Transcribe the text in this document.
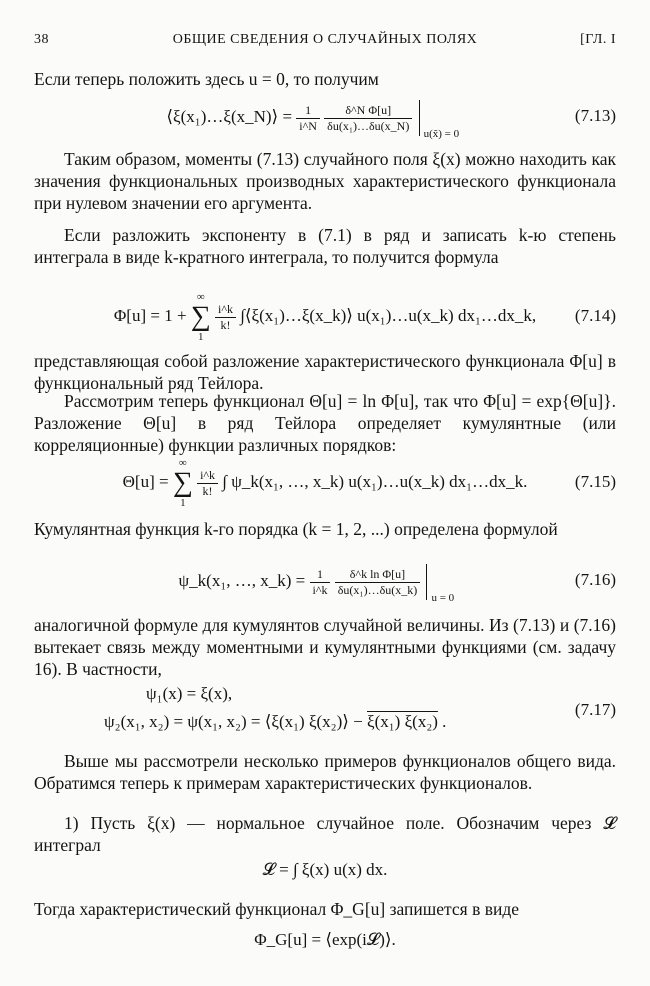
38	ОБЩИЕ СВЕДЕНИЯ О СЛУЧАЙНЫХ ПОЛЯХ	[ГЛ. I
Если теперь положить здесь u = 0, то получим
⟨ξ(x₁)…ξ(x_N)⟩ = $\frac{1}{i\^{}N}$
$\frac{\text{δ\textasciicircum{}N Φ[u]}}{\text{δu(x₁)…δu(x\_N)}}$

u(x̃) = 0
(7.13)
Таким образом, моменты (7.13) случайного поля ξ(x) можно находить как значения функциональных производных характеристического функционала при нулевом значении его аргумента.
Если разложить экспоненту в (7.1) в ряд и записать k-ю степень интеграла в виде k-кратного интеграла, то получится формула
Φ[u] = 1 +
∞
∑
1

$\frac{i\^{}k}{k!}$ ∫⟨ξ(x₁)…ξ(x_k)⟩ u(x₁)…u(x_k) dx₁…dx_k,	(7.14)
представляющая собой разложение характеристического функционала Φ[u] в функциональный ряд Тейлора.
Рассмотрим теперь функционал Θ[u] = ln Φ[u], так что Φ[u] = exp{Θ[u]}. Разложение Θ[u] в ряд Тейлора определяет кумулянтные (или корреляционные) функции различных порядков:
Θ[u] =
∞
∑
1

$\frac{i\^{}k}{k!}$ ∫ ψ_k(x₁, …, x_k) u(x₁)…u(x_k) dx₁…dx_k.	(7.15)
Кумулянтная функция k-го порядка (k = 1, 2, ...) определена формулой
ψ_k(x₁, …, x_k) = $\frac{1}{i\^{}k}$
$\frac{\text{δ\textasciicircum{}k ln Φ[u]}}{\text{δu(x₁)…δu(x\_k)}}$

u = 0
(7.16)
аналогичной формуле для кумулянтов случайной величины. Из (7.13) и (7.16) вытекает связь между моментными и кумулянтными функциями (см. задачу 16). В частности,
ψ₁(x) = ξ(x),
ψ₂(x₁, x₂) = ψ(x₁, x₂) = ⟨ξ(x₁) ξ(x₂)⟩ − ξ(x₁) ξ(x₂) .
(7.17)
Выше мы рассмотрели несколько примеров функционалов общего вида. Обратимся теперь к примерам характеристических функционалов.
1) Пусть ξ(x) — нормальное случайное поле. Обозначим через 𝓛 интеграл
𝓛 = ∫ ξ(x) u(x) dx.
Тогда характеристический функционал Φ_G[u] запишется в виде
Φ_G[u] = ⟨exp(i𝓛)⟩.
